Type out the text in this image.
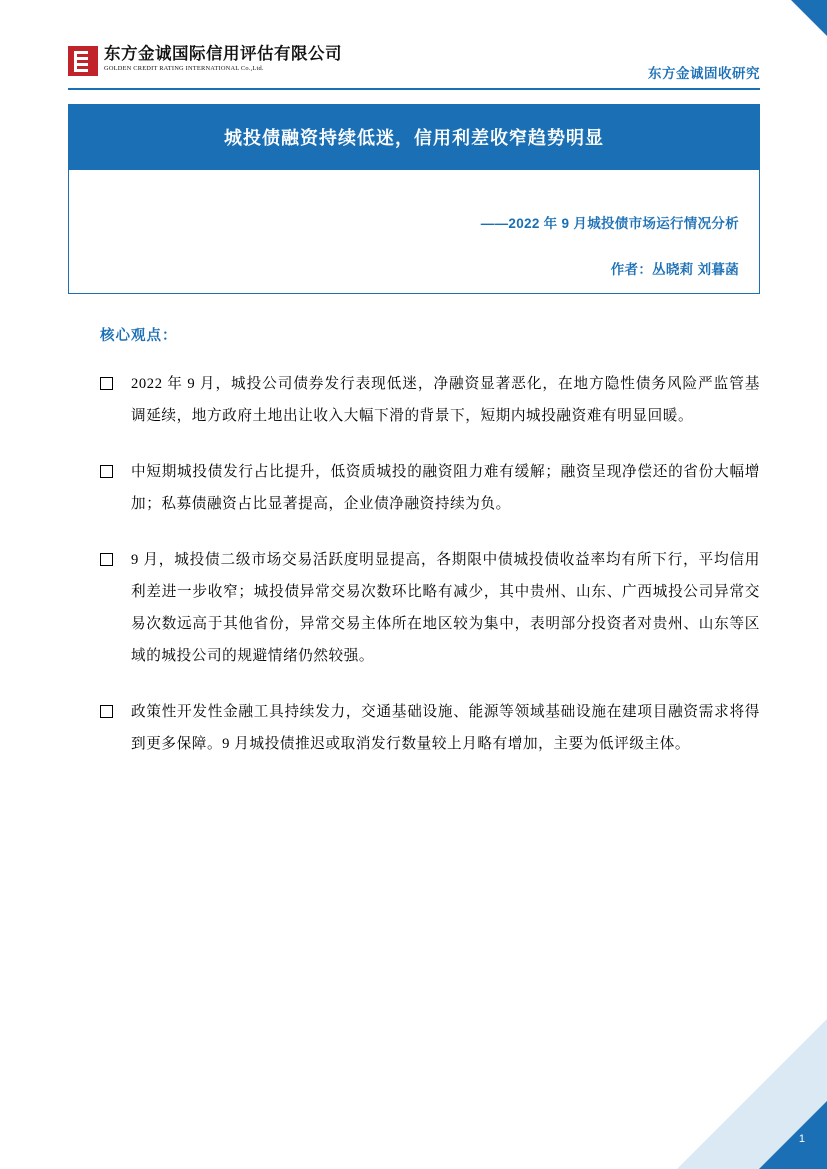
东方金诚国际信用评估有限公司
GOLDEN CREDIT RATING INTERNATIONAL Co.,Ltd.	东方金诚固收研究
城投债融资持续低迷，信用利差收窄趋势明显
——2022 年 9 月城投债市场运行情况分析
作者：丛晓莉 刘暮菡
核心观点：
2022 年 9 月，城投公司债券发行表现低迷，净融资显著恶化，在地方隐性债务风险严监管基调延续，地方政府土地出让收入大幅下滑的背景下，短期内城投融资难有明显回暖。
中短期城投债发行占比提升，低资质城投的融资阻力难有缓解；融资呈现净偿还的省份大幅增加；私募债融资占比显著提高，企业债净融资持续为负。
9 月，城投债二级市场交易活跃度明显提高，各期限中债城投债收益率均有所下行，平均信用利差进一步收窄；城投债异常交易次数环比略有减少，其中贵州、山东、广西城投公司异常交易次数远高于其他省份，异常交易主体所在地区较为集中，表明部分投资者对贵州、山东等区域的城投公司的规避情绪仍然较强。
政策性开发性金融工具持续发力，交通基础设施、能源等领域基础设施在建项目融资需求将得到更多保障。9 月城投债推迟或取消发行数量较上月略有增加，主要为低评级主体。
1
